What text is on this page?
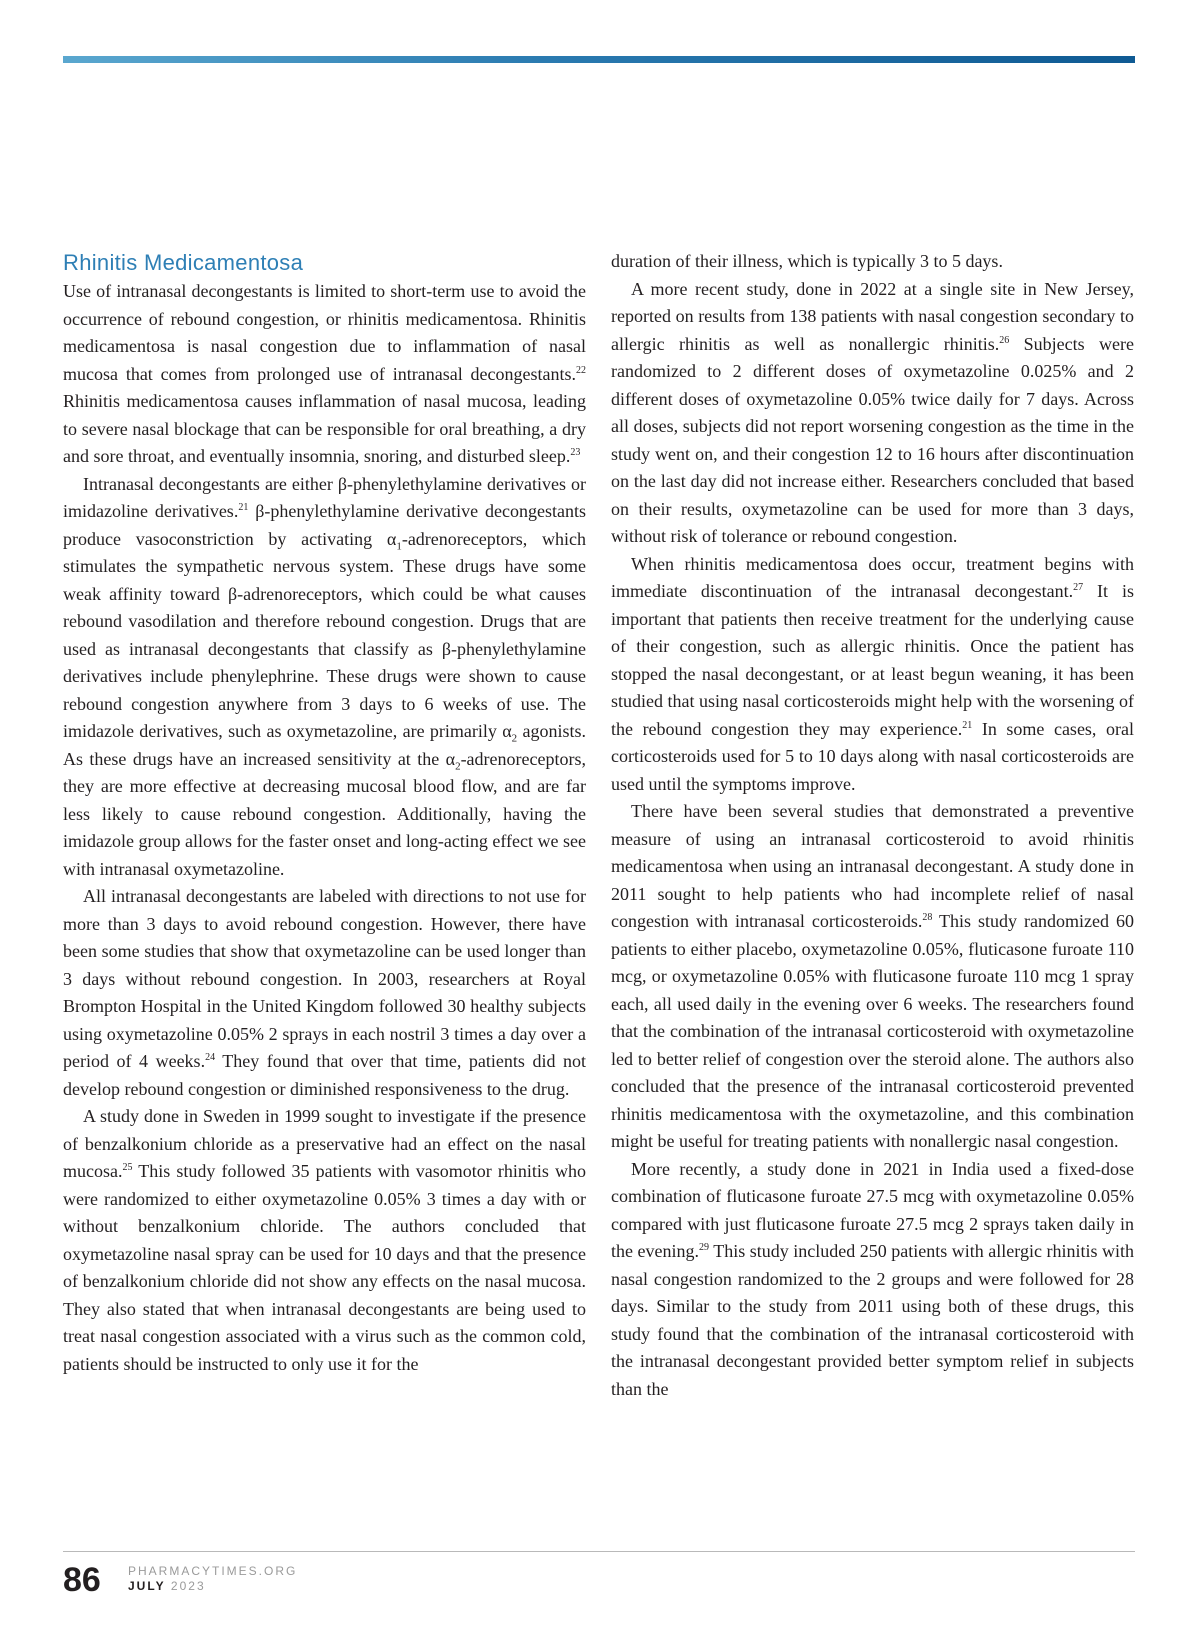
Rhinitis Medicamentosa

Use of intranasal decongestants is limited to short-term use to avoid the occurrence of rebound congestion, or rhinitis medicamentosa. Rhinitis medicamentosa is nasal congestion due to inflammation of nasal mucosa that comes from prolonged use of intranasal decongestants.$^{22}$ Rhinitis medicamentosa causes inflammation of nasal mucosa, leading to severe nasal blockage that can be responsible for oral breathing, a dry and sore throat, and eventually insomnia, snoring, and disturbed sleep.$^{23}$

Intranasal decongestants are either β-phenylethylamine derivatives or imidazoline derivatives.$^{21}$ β-phenylethylamine derivative decongestants produce vasoconstriction by activating $\alpha_1$-adrenoreceptors, which stimulates the sympathetic nervous system. These drugs have some weak affinity toward β-adrenoreceptors, which could be what causes rebound vasodilation and therefore rebound congestion. Drugs that are used as intranasal decongestants that classify as β-phenylethylamine derivatives include phenylephrine. These drugs were shown to cause rebound congestion anywhere from 3 days to 6 weeks of use. The imidazole derivatives, such as oxymetazoline, are primarily $\alpha_2$ agonists. As these drugs have an increased sensitivity at the $\alpha_2$-adrenoreceptors, they are more effective at decreasing mucosal blood flow, and are far less likely to cause rebound congestion. Additionally, having the imidazole group allows for the faster onset and long-acting effect we see with intranasal oxymetazoline.

All intranasal decongestants are labeled with directions to not use for more than 3 days to avoid rebound congestion. However, there have been some studies that show that oxymetazoline can be used longer than 3 days without rebound congestion. In 2003, researchers at Royal Brompton Hospital in the United Kingdom followed 30 healthy subjects using oxymetazoline 0.05% 2 sprays in each nostril 3 times a day over a period of 4 weeks.$^{24}$ They found that over that time, patients did not develop rebound congestion or diminished responsiveness to the drug.

A study done in Sweden in 1999 sought to investigate if the presence of benzalkonium chloride as a preservative had an effect on the nasal mucosa.$^{25}$ This study followed 35 patients with vasomotor rhinitis who were randomized to either oxymetazoline 0.05% 3 times a day with or without benzalkonium chloride. The authors concluded that oxymetazoline nasal spray can be used for 10 days and that the presence of benzalkonium chloride did not show any effects on the nasal mucosa. They also stated that when intranasal decongestants are being used to treat nasal congestion associated with a virus such as the common cold, patients should be instructed to only use it for the

duration of their illness, which is typically 3 to 5 days.

A more recent study, done in 2022 at a single site in New Jersey, reported on results from 138 patients with nasal congestion secondary to allergic rhinitis as well as nonallergic rhinitis.$^{26}$ Subjects were randomized to 2 different doses of oxymetazoline 0.025% and 2 different doses of oxymetazoline 0.05% twice daily for 7 days. Across all doses, subjects did not report worsening congestion as the time in the study went on, and their congestion 12 to 16 hours after discontinuation on the last day did not increase either. Researchers concluded that based on their results, oxymetazoline can be used for more than 3 days, without risk of tolerance or rebound congestion.

When rhinitis medicamentosa does occur, treatment begins with immediate discontinuation of the intranasal decongestant.$^{27}$ It is important that patients then receive treatment for the underlying cause of their congestion, such as allergic rhinitis. Once the patient has stopped the nasal decongestant, or at least begun weaning, it has been studied that using nasal corticosteroids might help with the worsening of the rebound congestion they may experience.$^{21}$ In some cases, oral corticosteroids used for 5 to 10 days along with nasal corticosteroids are used until the symptoms improve.

There have been several studies that demonstrated a preventive measure of using an intranasal corticosteroid to avoid rhinitis medicamentosa when using an intranasal decongestant. A study done in 2011 sought to help patients who had incomplete relief of nasal congestion with intranasal corticosteroids.$^{28}$ This study randomized 60 patients to either placebo, oxymetazoline 0.05%, fluticasone furoate 110 mcg, or oxymetazoline 0.05% with fluticasone furoate 110 mcg 1 spray each, all used daily in the evening over 6 weeks. The researchers found that the combination of the intranasal corticosteroid with oxymetazoline led to better relief of congestion over the steroid alone. The authors also concluded that the presence of the intranasal corticosteroid prevented rhinitis medicamentosa with the oxymetazoline, and this combination might be useful for treating patients with nonallergic nasal congestion.

More recently, a study done in 2021 in India used a fixed-dose combination of fluticasone furoate 27.5 mcg with oxymetazoline 0.05% compared with just fluticasone furoate 27.5 mcg 2 sprays taken daily in the evening.$^{29}$ This study included 250 patients with allergic rhinitis with nasal congestion randomized to the 2 groups and were followed for 28 days. Similar to the study from 2011 using both of these drugs, this study found that the combination of the intranasal corticosteroid with the intranasal decongestant provided better symptom relief in subjects than the

86 PHARMACYTIMES.ORG
JULY 2023
